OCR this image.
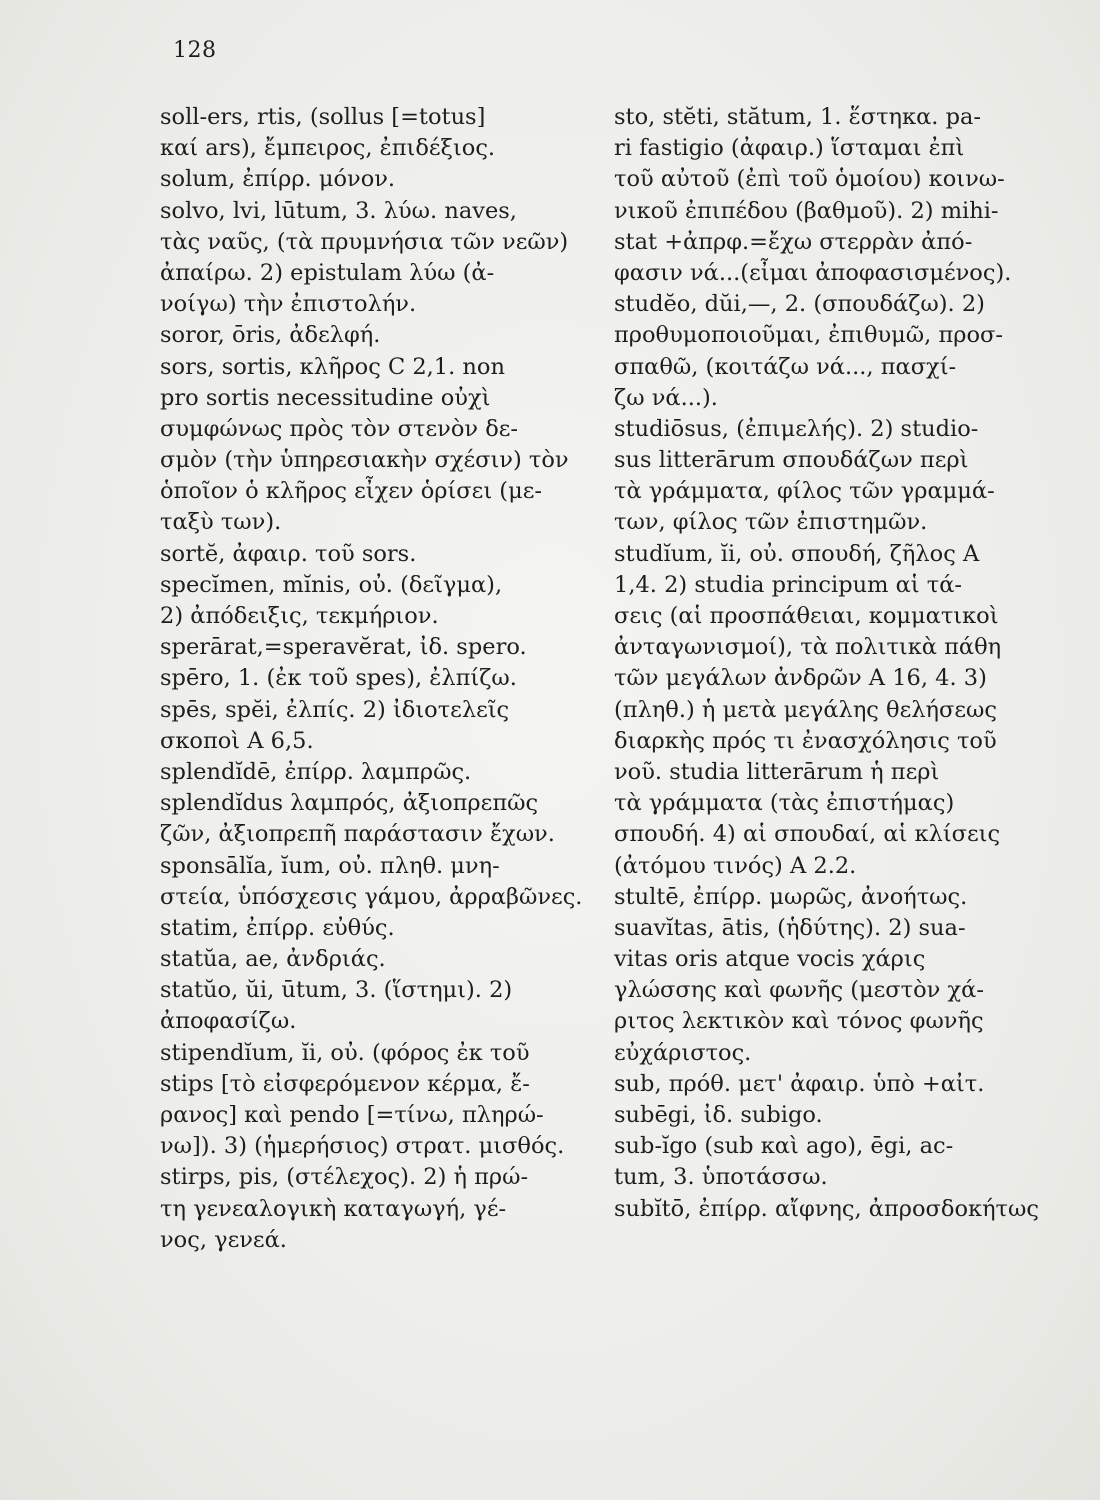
128
soll-ers, rtis, (sollus [=totus]
καί ars), ἔμπειρος, ἐπιδέξιος.
solum, ἐπίρρ. μόνον.
solvo, lvi, lūtum, 3. λύω. naves,
τὰς ναῦς, (τὰ πρυμνήσια τῶν νεῶν)
ἀπαίρω. 2) epistulam λύω (ἀ-
νοίγω) τὴν ἐπιστολήν.
soror, ōris, ἀδελφή.
sors, sortis, κλῆρος C 2,1. non
pro sortis necessitudine οὐχὶ
συμφώνως πρὸς τὸν στενὸν δε-
σμὸν (τὴν ὑπηρεσιακὴν σχέσιν) τὸν
ὁποῖον ὁ κλῆρος εἶχεν ὁρίσει (με-
ταξὺ των).
sortĕ, ἀφαιρ. τοῦ sors.
specĭmen, mĭnis, οὐ. (δεῖγμα),
2) ἀπόδειξις, τεκμήριον.
sperārat,=speravĕrat, ἰδ. spero.
spēro, 1. (ἐκ τοῦ spes), ἐλπίζω.
spēs, spĕi, ἐλπίς. 2) ἰδιοτελεῖς
σκοποὶ A 6,5.
splendĭdē, ἐπίρρ. λαμπρῶς.
splendĭdus λαμπρός, ἀξιοπρεπῶς
ζῶν, ἀξιοπρεπῆ παράστασιν ἔχων.
sponsālĭa, ĭum, οὐ. πληθ. μνη-
στεία, ὑπόσχεσις γάμου, ἀρραβῶνες.
statim, ἐπίρρ. εὐθύς.
statŭa, ae, ἀνδριάς.
statŭo, ŭi, ūtum, 3. (ἵστημι). 2)
ἀποφασίζω.
stipendĭum, ĭi, οὐ. (φόρος ἐκ τοῦ
stips [τὸ εἰσφερόμενον κέρμα, ἔ-
ρανος] καὶ pendo [=τίνω, πληρώ-
νω]). 3) (ἡμερήσιος) στρατ. μισθός.
stirps, pis, (στέλεχος). 2) ἡ πρώ-
τη γενεαλογικὴ καταγωγή, γέ-
νος, γενεά.
sto, stĕti, stătum, 1. ἕστηκα. pa-
ri fastigio (ἀφαιρ.) ἵσταμαι ἐπὶ
τοῦ αὐτοῦ (ἐπὶ τοῦ ὁμοίου) κοινω-
νικοῦ ἐπιπέδου (βαθμοῦ). 2) mihi-
stat +ἀπρφ.=ἔχω στερρὰν ἀπό-
φασιν νά...(εἶμαι ἀποφασισμένος).
studĕo, dŭi,—, 2. (σπουδάζω). 2)
προθυμοποιοῦμαι, ἐπιθυμῶ, προσ-
σπαθῶ, (κοιτάζω νά..., πασχί-
ζω νά...).
studiōsus, (ἐπιμελής). 2) studio-
sus litterārum σπουδάζων περὶ
τὰ γράμματα, φίλος τῶν γραμμά-
των, φίλος τῶν ἐπιστημῶν.
studĭum, ĭi, οὐ. σπουδή, ζῆλος A
1,4. 2) studia principum αἱ τά-
σεις (αἱ προσπάθειαι, κομματικοὶ
ἀνταγωνισμοί), τὰ πολιτικὰ πάθη
τῶν μεγάλων ἀνδρῶν A 16, 4. 3)
(πληθ.) ἡ μετὰ μεγάλης θελήσεως
διαρκὴς πρός τι ἐνασχόλησις τοῦ
νοῦ. studia litterārum ἡ περὶ
τὰ γράμματα (τὰς ἐπιστήμας)
σπουδή. 4) αἱ σπουδαί, αἱ κλίσεις
(ἀτόμου τινός) A 2.2.
stultē, ἐπίρρ. μωρῶς, ἀνοήτως.
suavĭtas, ātis, (ἡδύτης). 2) sua-
vitas oris atque vocis χάρις
γλώσσης καὶ φωνῆς (μεστὸν χά-
ριτος λεκτικὸν καὶ τόνος φωνῆς
εὐχάριστος.
sub, πρόθ. μετ' ἀφαιρ. ὑπὸ +αἰτ.
subēgi, ἰδ. subigo.
sub-ĭgo (sub καὶ ago), ēgi, ac-
tum, 3. ὑποτάσσω.
subĭtō, ἐπίρρ. αἴφνης, ἀπροσδοκήτως
